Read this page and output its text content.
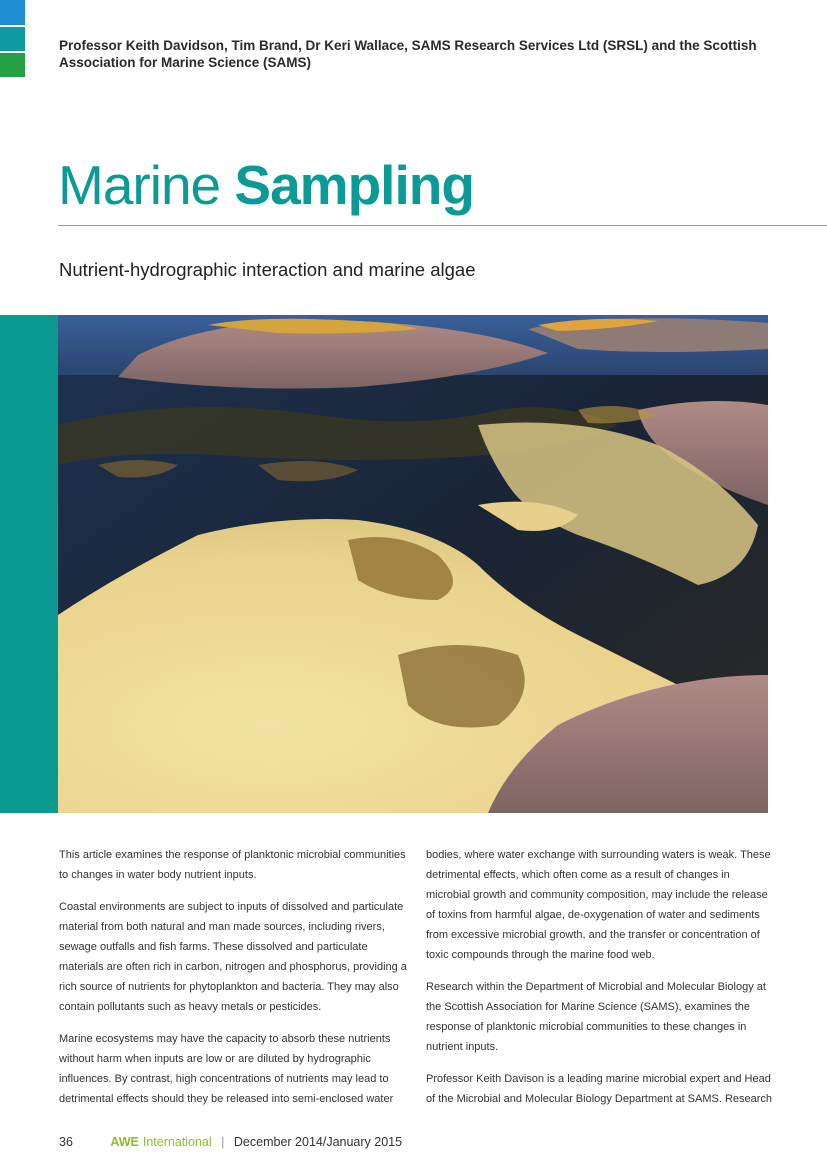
Professor Keith Davidson, Tim Brand, Dr Keri Wallace, SAMS Research Services Ltd (SRSL) and the Scottish Association for Marine Science (SAMS)
Marine Sampling
Nutrient-hydrographic interaction and marine algae

This article examines the response of planktonic microbial communities to changes in water body nutrient inputs.

Coastal environments are subject to inputs of dissolved and particulate material from both natural and man made sources, including rivers, sewage outfalls and fish farms. These dissolved and particulate materials are often rich in carbon, nitrogen and phosphorus, providing a rich source of nutrients for phytoplankton and bacteria. They may also contain pollutants such as heavy metals or pesticides.

Marine ecosystems may have the capacity to absorb these nutrients without harm when inputs are low or are diluted by hydrographic influences. By contrast, high concentrations of nutrients may lead to detrimental effects should they be released into semi-enclosed water

bodies, where water exchange with surrounding waters is weak. These detrimental effects, which often come as a result of changes in microbial growth and community composition, may include the release of toxins from harmful algae, de-oxygenation of water and sediments from excessive microbial growth, and the transfer or concentration of toxic compounds through the marine food web.

Research within the Department of Microbial and Molecular Biology at the Scottish Association for Marine Science (SAMS), examines the response of planktonic microbial communities to these changes in nutrient inputs.

Professor Keith Davison is a leading marine microbial expert and Head of the Microbial and Molecular Biology Department at SAMS. Research

36	AWE International | December 2014/January 2015
